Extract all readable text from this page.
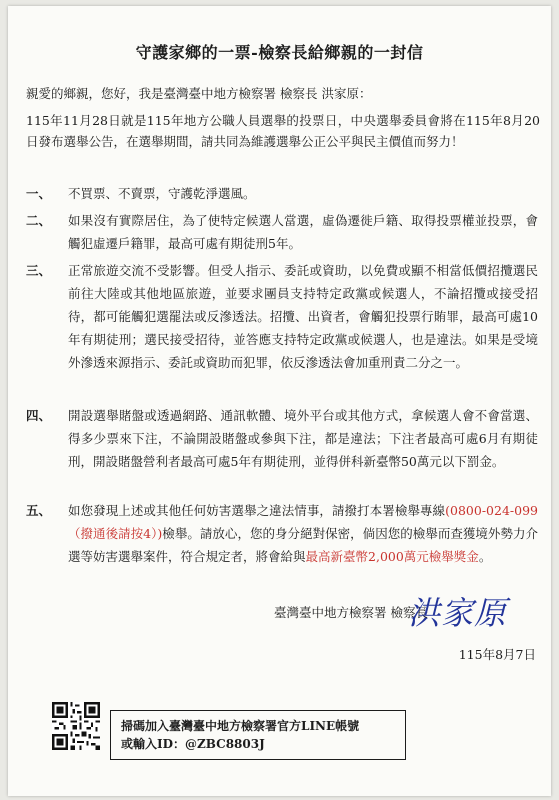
守護家鄉的一票-檢察長給鄉親的一封信
親愛的鄉親，您好，我是臺灣臺中地方檢察署 檢察長 洪家原：
115年11月28日就是115年地方公職人員選舉的投票日，中央選舉委員會將在115年8月20日發布選舉公告，在選舉期間，請共同為維護選舉公正公平與民主價值而努力！
一、	不買票、不賣票，守護乾淨選風。
二、	如果沒有實際居住，為了使特定候選人當選，虛偽遷徙戶籍、取得投票權並投票，會觸犯虛遷戶籍罪，最高可處有期徒刑5年。
三、	正常旅遊交流不受影響。但受人指示、委託或資助，以免費或顯不相當低價招攬選民前往大陸或其他地區旅遊，並要求團員支持特定政黨或候選人，不論招攬或接受招待，都可能觸犯選罷法或反滲透法。招攬、出資者，會觸犯投票行賄罪，最高可處10年有期徒刑；選民接受招待，並答應支持特定政黨或候選人，也是違法。如果是受境外滲透來源指示、委託或資助而犯罪，依反滲透法會加重刑責二分之一。
四、	開設選舉賭盤或透過網路、通訊軟體、境外平台或其他方式，拿候選人會不會當選、得多少票來下注，不論開設賭盤或參與下注，都是違法；下注者最高可處6月有期徒刑，開設賭盤營利者最高可處5年有期徒刑，並得併科新臺幣50萬元以下罰金。
五、	如您發現上述或其他任何妨害選舉之違法情事，請撥打本署檢舉專線(0800-024-099（撥通後請按4）)檢舉。請放心，您的身分絕對保密，倘因您的檢舉而查獲境外勢力介選等妨害選舉案件，符合規定者，將會給與最高新臺幣2,000萬元檢舉獎金。
臺灣臺中地方檢察署 檢察長
洪家原
115年8月7日
掃碼加入臺灣臺中地方檢察署官方LINE帳號
或輸入ID：@ZBC8803J
